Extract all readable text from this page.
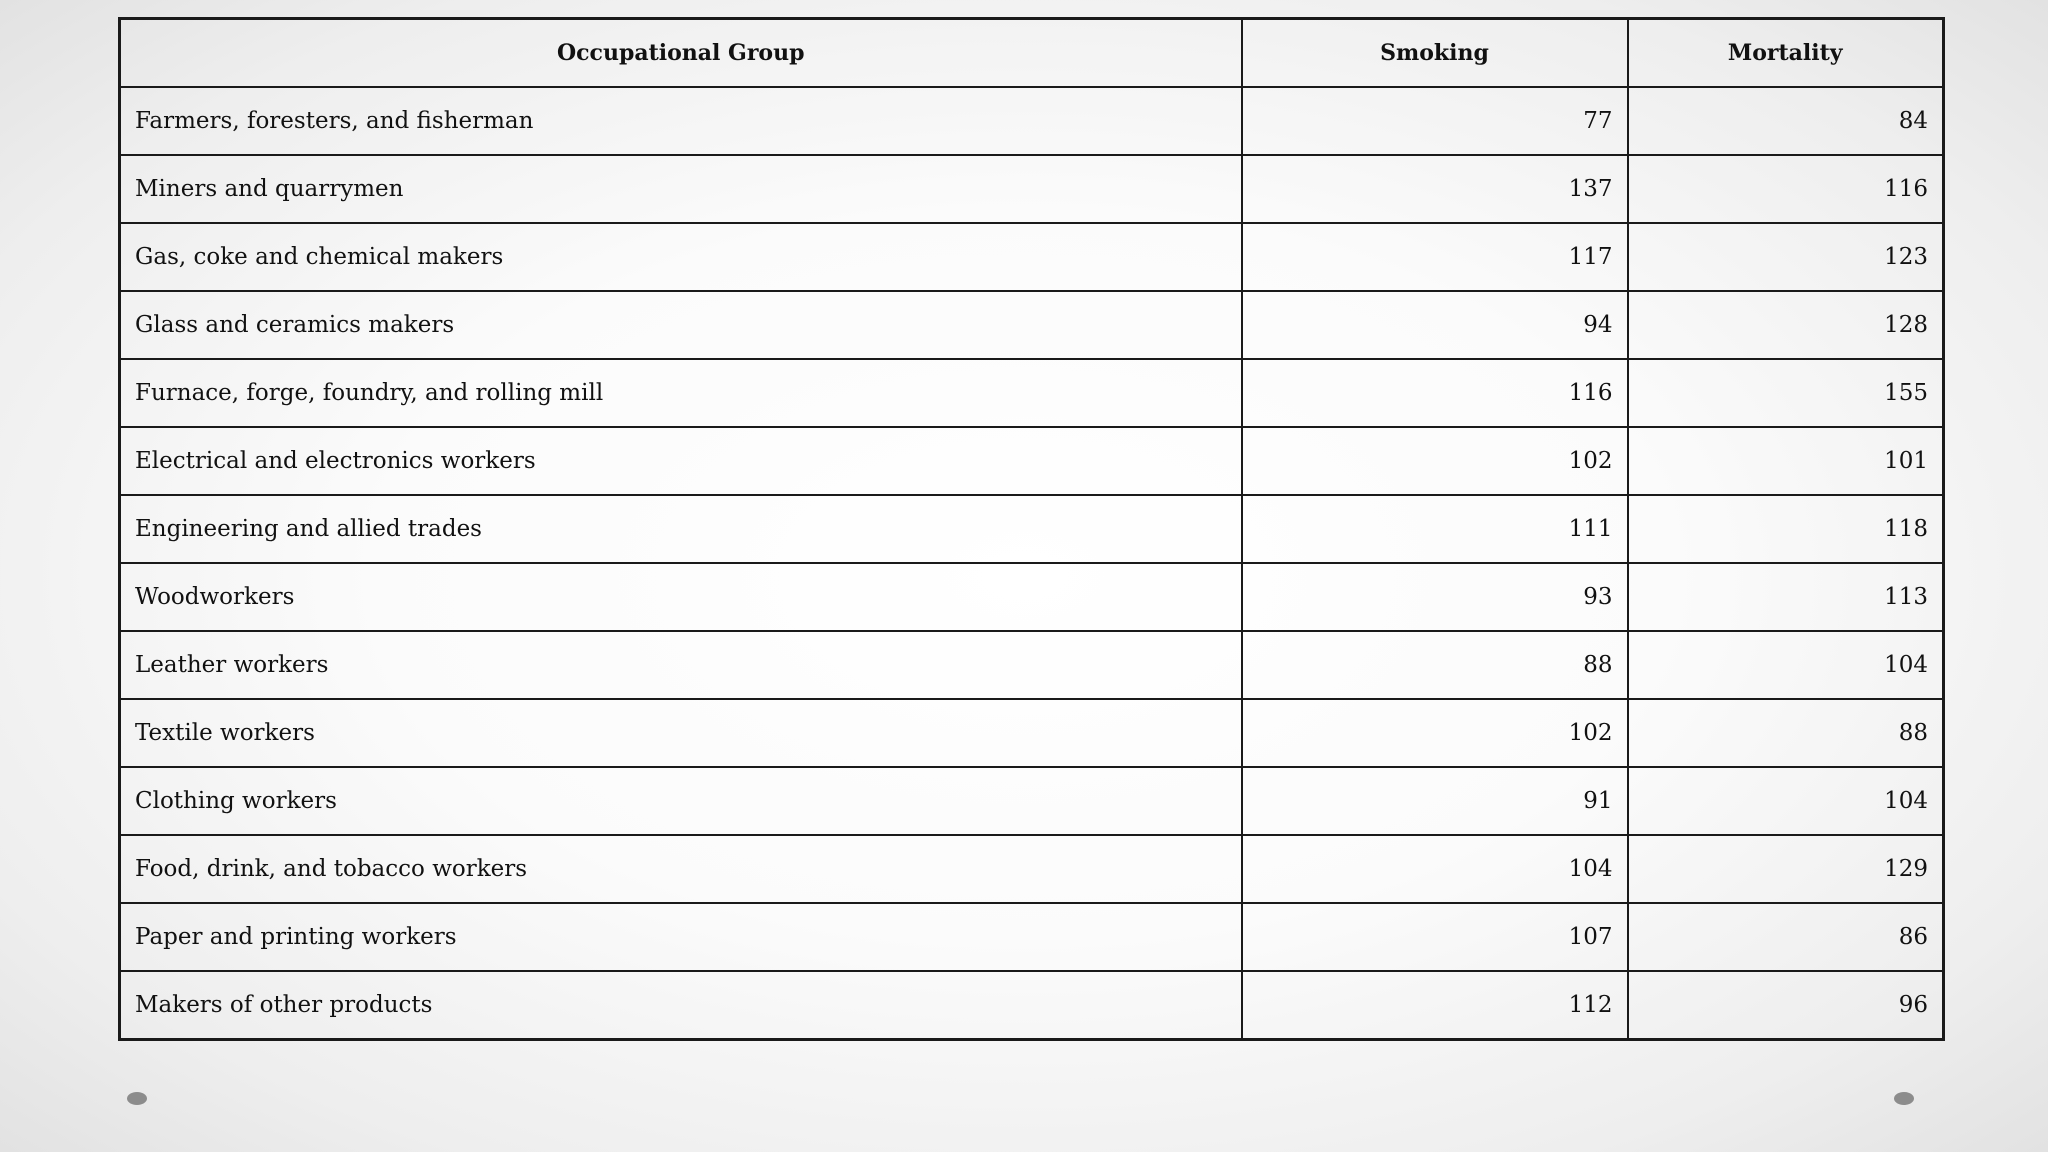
Occupational Group	Smoking	Mortality
Farmers, foresters, and fisherman	77	84
Miners and quarrymen	137	116
Gas, coke and chemical makers	117	123
Glass and ceramics makers	94	128
Furnace, forge, foundry, and rolling mill	116	155
Electrical and electronics workers	102	101
Engineering and allied trades	111	118
Woodworkers	93	113
Leather workers	88	104
Textile workers	102	88
Clothing workers	91	104
Food, drink, and tobacco workers	104	129
Paper and printing workers	107	86
Makers of other products	112	96
